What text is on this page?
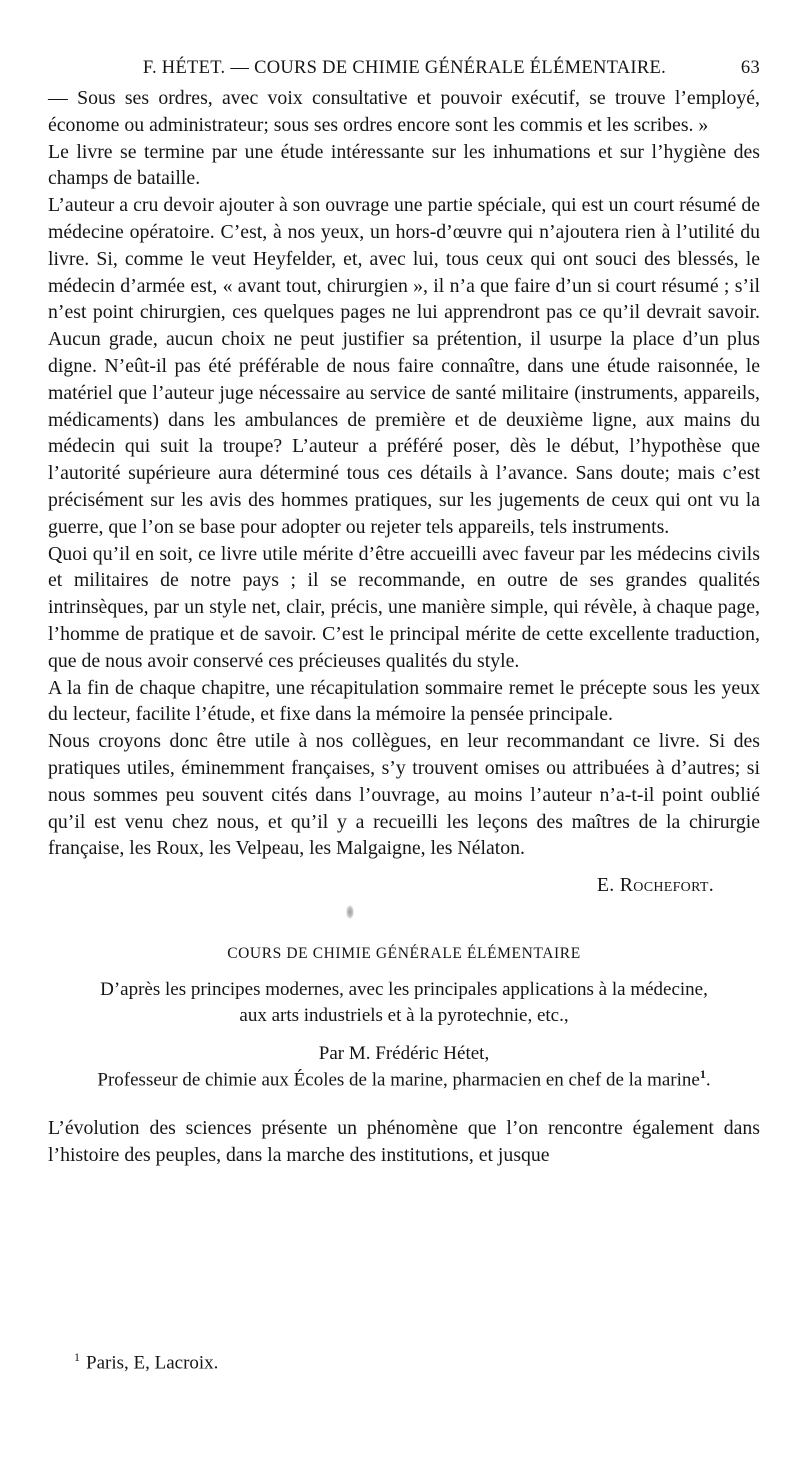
F. HÉTET. — COURS DE CHIMIE GÉNÉRALE ÉLÉMENTAIRE.	63

— Sous ses ordres, avec voix consultative et pouvoir exécutif, se trouve l’employé, économe ou administrateur; sous ses ordres encore sont les commis et les scribes. »

Le livre se termine par une étude intéressante sur les inhumations et sur l’hygiène des champs de bataille.

L’auteur a cru devoir ajouter à son ouvrage une partie spéciale, qui est un court résumé de médecine opératoire. C’est, à nos yeux, un hors-d’œuvre qui n’ajoutera rien à l’utilité du livre. Si, comme le veut Heyfelder, et, avec lui, tous ceux qui ont souci des blessés, le médecin d’armée est, « avant tout, chirurgien », il n’a que faire d’un si court résumé ; s’il n’est point chirurgien, ces quelques pages ne lui apprendront pas ce qu’il devrait savoir. Aucun grade, aucun choix ne peut justifier sa prétention, il usurpe la place d’un plus digne. N’eût-il pas été préférable de nous faire connaître, dans une étude raisonnée, le matériel que l’auteur juge nécessaire au service de santé militaire (instruments, appareils, médicaments) dans les ambulances de première et de deuxième ligne, aux mains du médecin qui suit la troupe? L’auteur a préféré poser, dès le début, l’hypothèse que l’autorité supérieure aura déterminé tous ces détails à l’avance. Sans doute; mais c’est précisément sur les avis des hommes pratiques, sur les jugements de ceux qui ont vu la guerre, que l’on se base pour adopter ou rejeter tels appareils, tels instruments.

Quoi qu’il en soit, ce livre utile mérite d’être accueilli avec faveur par les médecins civils et militaires de notre pays ; il se recommande, en outre de ses grandes qualités intrinsèques, par un style net, clair, précis, une manière simple, qui révèle, à chaque page, l’homme de pratique et de savoir. C’est le principal mérite de cette excellente traduction, que de nous avoir conservé ces précieuses qualités du style.

A la fin de chaque chapitre, une récapitulation sommaire remet le précepte sous les yeux du lecteur, facilite l’étude, et fixe dans la mémoire la pensée principale.

Nous croyons donc être utile à nos collègues, en leur recommandant ce livre. Si des pratiques utiles, éminemment françaises, s’y trouvent omises ou attribuées à d’autres; si nous sommes peu souvent cités dans l’ouvrage, au moins l’auteur n’a-t-il point oublié qu’il est venu chez nous, et qu’il y a recueilli les leçons des maîtres de la chirurgie française, les Roux, les Velpeau, les Malgaigne, les Nélaton.

E. Rochefort.
COURS DE CHIMIE GÉNÉRALE ÉLÉMENTAIRE
D’après les principes modernes, avec les principales applications à la médecine,
aux arts industriels et à la pyrotechnie, etc.,
Par M. Frédéric Hétet,
Professeur de chimie aux Écoles de la marine, pharmacien en chef de la marine$^1$.
L’évolution des sciences présente un phénomène que l’on rencontre également dans l’histoire des peuples, dans la marche des institutions, et jusque
$^1$ Paris, E, Lacroix.
